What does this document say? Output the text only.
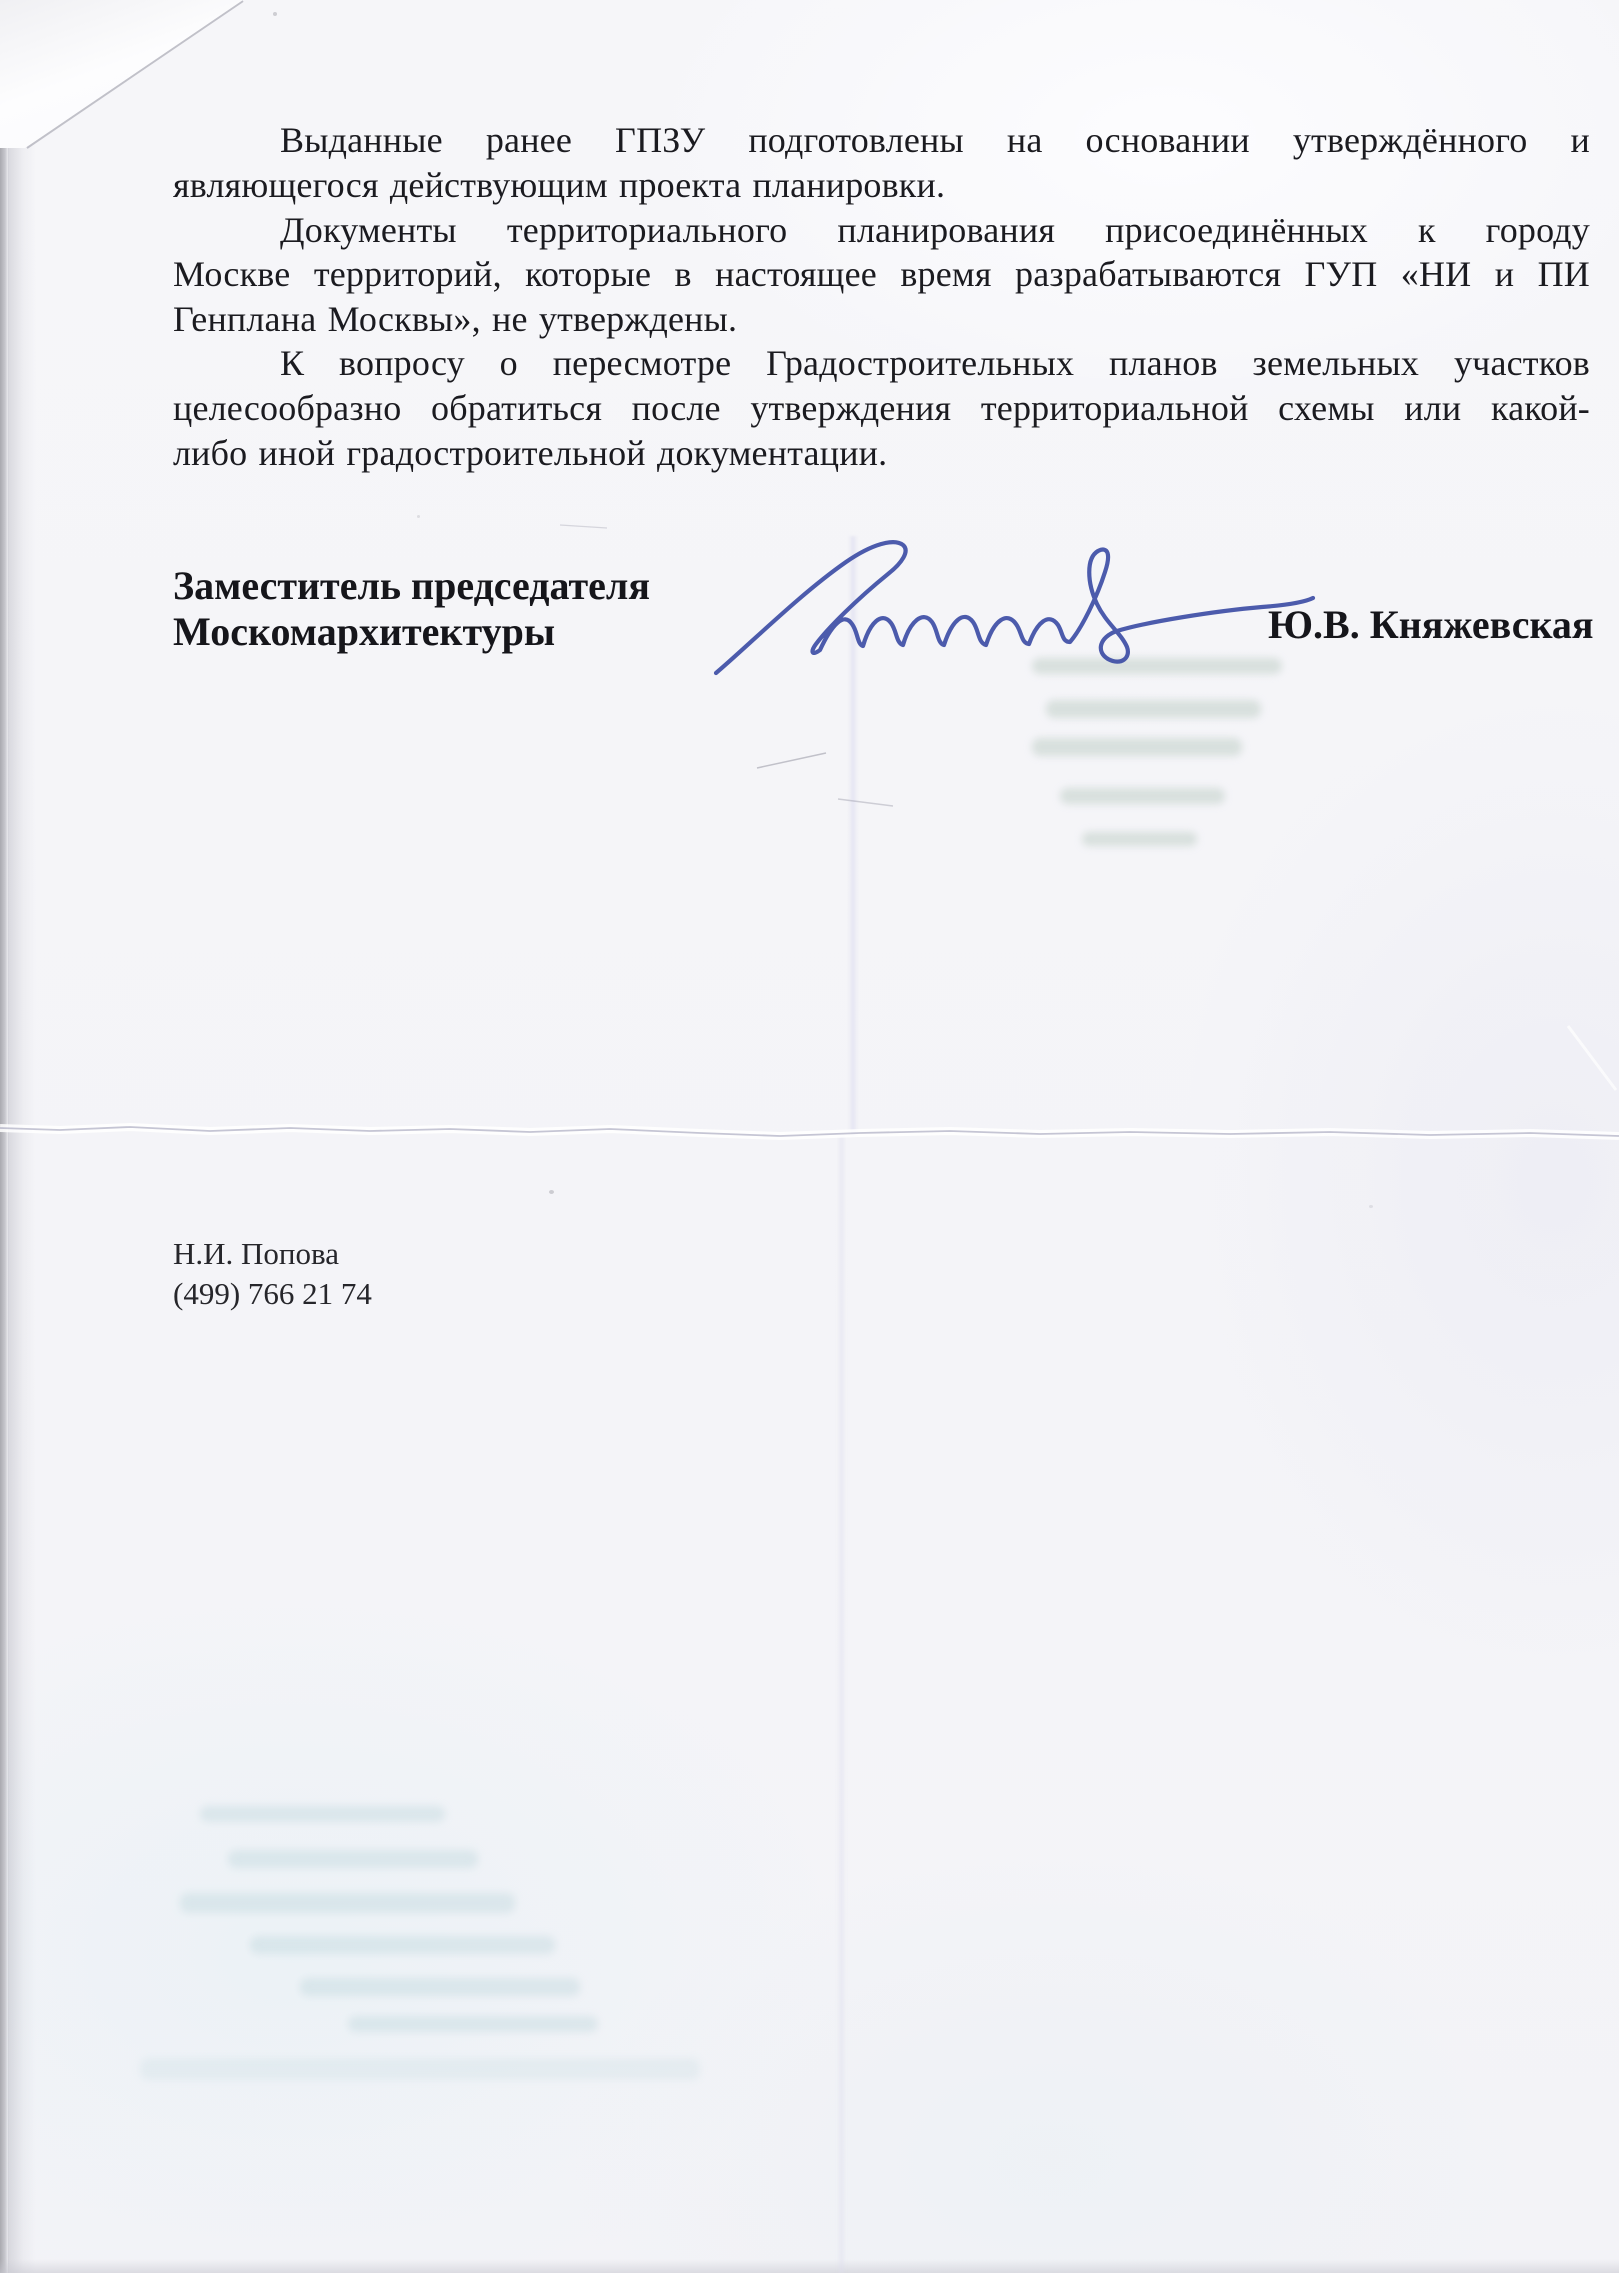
Выданные ранее ГПЗУ подготовлены на основании утверждённого и
являющегося действующим проекта планировки.
Документы территориального планирования присоединённых к городу
Москве территорий, которые в настоящее время разрабатываются ГУП «НИ и ПИ
Генплана Москвы», не утверждены.
К вопросу о пересмотре Градостроительных планов земельных участков
целесообразно обратиться после утверждения территориальной схемы или какой-
либо иной градостроительной документации.
Заместитель председателя
Москомархитектуры	Ю.В. Княжевская
Н.И. Попова
(499) 766 21 74
